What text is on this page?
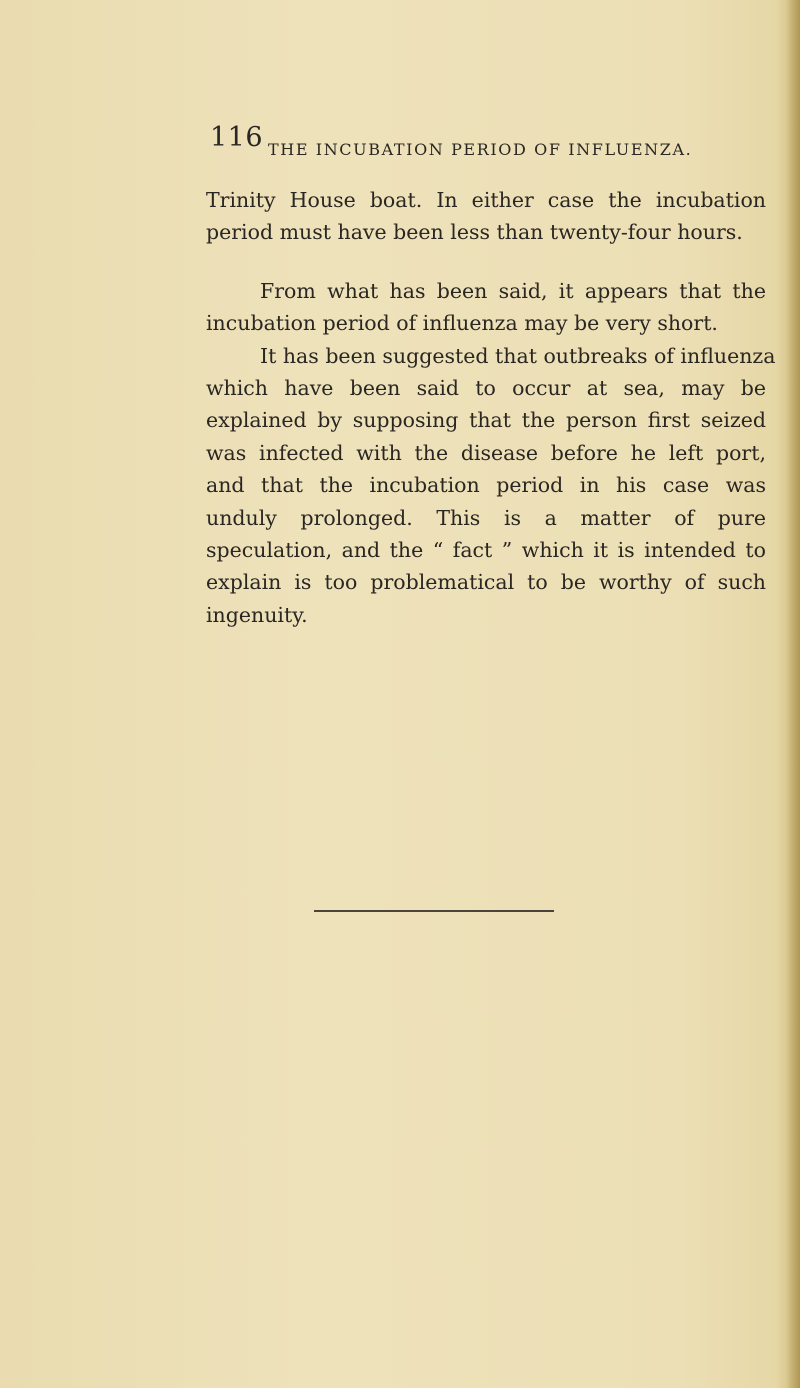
116 THE INCUBATION PERIOD OF INFLUENZA.

Trinity House boat. In either case the incubation
period must have been less than twenty-four hours.

From what has been said, it appears that the
incubation period of influenza may be very short.

It has been suggested that outbreaks of influenza
which have been said to occur at sea, may be
explained by supposing that the person first seized
was infected with the disease before he left port,
and that the incubation period in his case was
unduly prolonged. This is a matter of pure
speculation, and the “ fact ” which it is intended to
explain is too problematical to be worthy of such
ingenuity.
